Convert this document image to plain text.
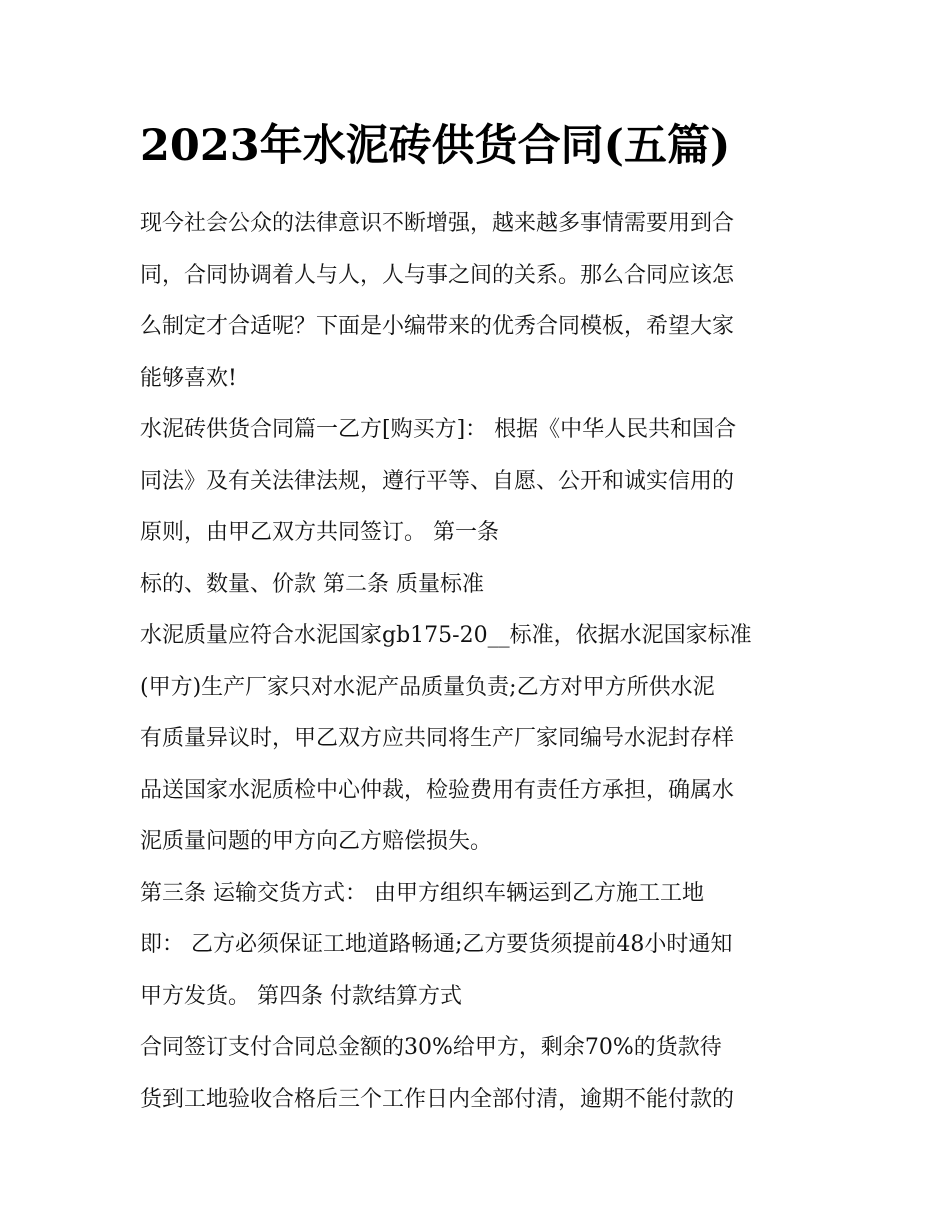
2023年水泥砖供货合同(五篇)
现今社会公众的法律意识不断增强，越来越多事情需要用到合
同，合同协调着人与人，人与事之间的关系。那么合同应该怎
么制定才合适呢？下面是小编带来的优秀合同模板，希望大家
能够喜欢!
水泥砖供货合同篇一乙方[购买方]： 根据《中华人民共和国合
同法》及有关法律法规，遵行平等、自愿、公开和诚实信用的
原则，由甲乙双方共同签订。 第一条
标的、数量、价款 第二条 质量标准
水泥质量应符合水泥国家gb175-20__标准，依据水泥国家标准
(甲方)生产厂家只对水泥产品质量负责;乙方对甲方所供水泥
有质量异议时，甲乙双方应共同将生产厂家同编号水泥封存样
品送国家水泥质检中心仲裁，检验费用有责任方承担，确属水
泥质量问题的甲方向乙方赔偿损失。
第三条 运输交货方式： 由甲方组织车辆运到乙方施工工地
即： 乙方必须保证工地道路畅通;乙方要货须提前48小时通知
甲方发货。 第四条 付款结算方式
合同签订支付合同总金额的30%给甲方，剩余70%的货款待
货到工地验收合格后三个工作日内全部付清，逾期不能付款的
